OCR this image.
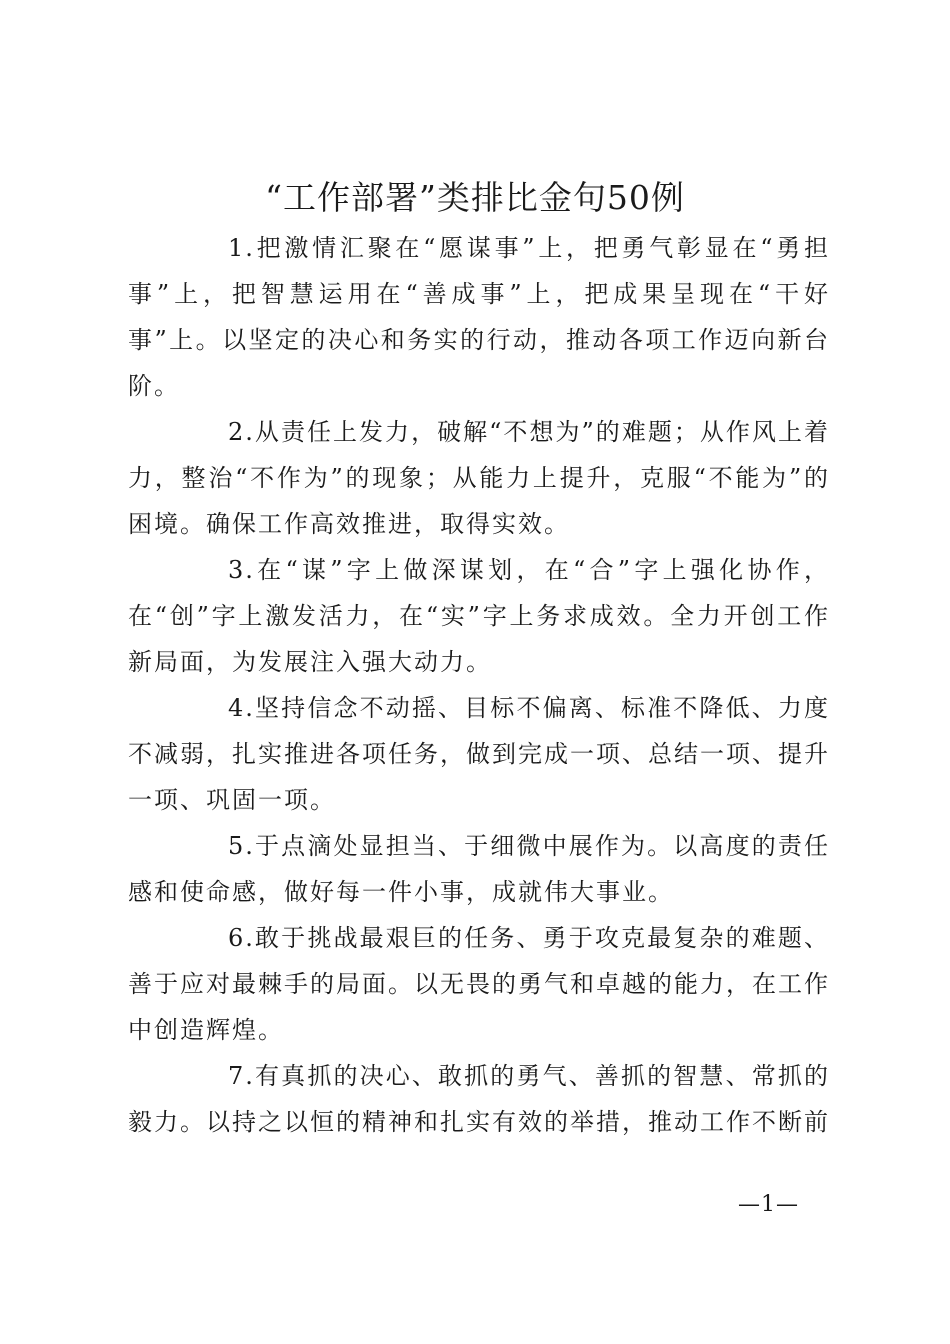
“工作部署”类排比金句50例

1.把激情汇聚在“愿谋事”上，把勇气彰显在“勇担事”上，把智慧运用在“善成事”上，把成果呈现在“干好事”上。以坚定的决心和务实的行动，推动各项工作迈向新台阶。

2.从责任上发力，破解“不想为”的难题；从作风上着力，整治“不作为”的现象；从能力上提升，克服“不能为”的困境。确保工作高效推进，取得实效。

3.在“谋”字上做深谋划，在“合”字上强化协作，在“创”字上激发活力，在“实”字上务求成效。全力开创工作新局面，为发展注入强大动力。

4.坚持信念不动摇、目标不偏离、标准不降低、力度不减弱，扎实推进各项任务，做到完成一项、总结一项、提升一项、巩固一项。

5.于点滴处显担当、于细微中展作为。以高度的责任感和使命感，做好每一件小事，成就伟大事业。

6.敢于挑战最艰巨的任务、勇于攻克最复杂的难题、善于应对最棘手的局面。以无畏的勇气和卓越的能力，在工作中创造辉煌。

7.有真抓的决心、敢抓的勇气、善抓的智慧、常抓的毅力。以持之以恒的精神和扎实有效的举措，推动工作不断前

—1—
